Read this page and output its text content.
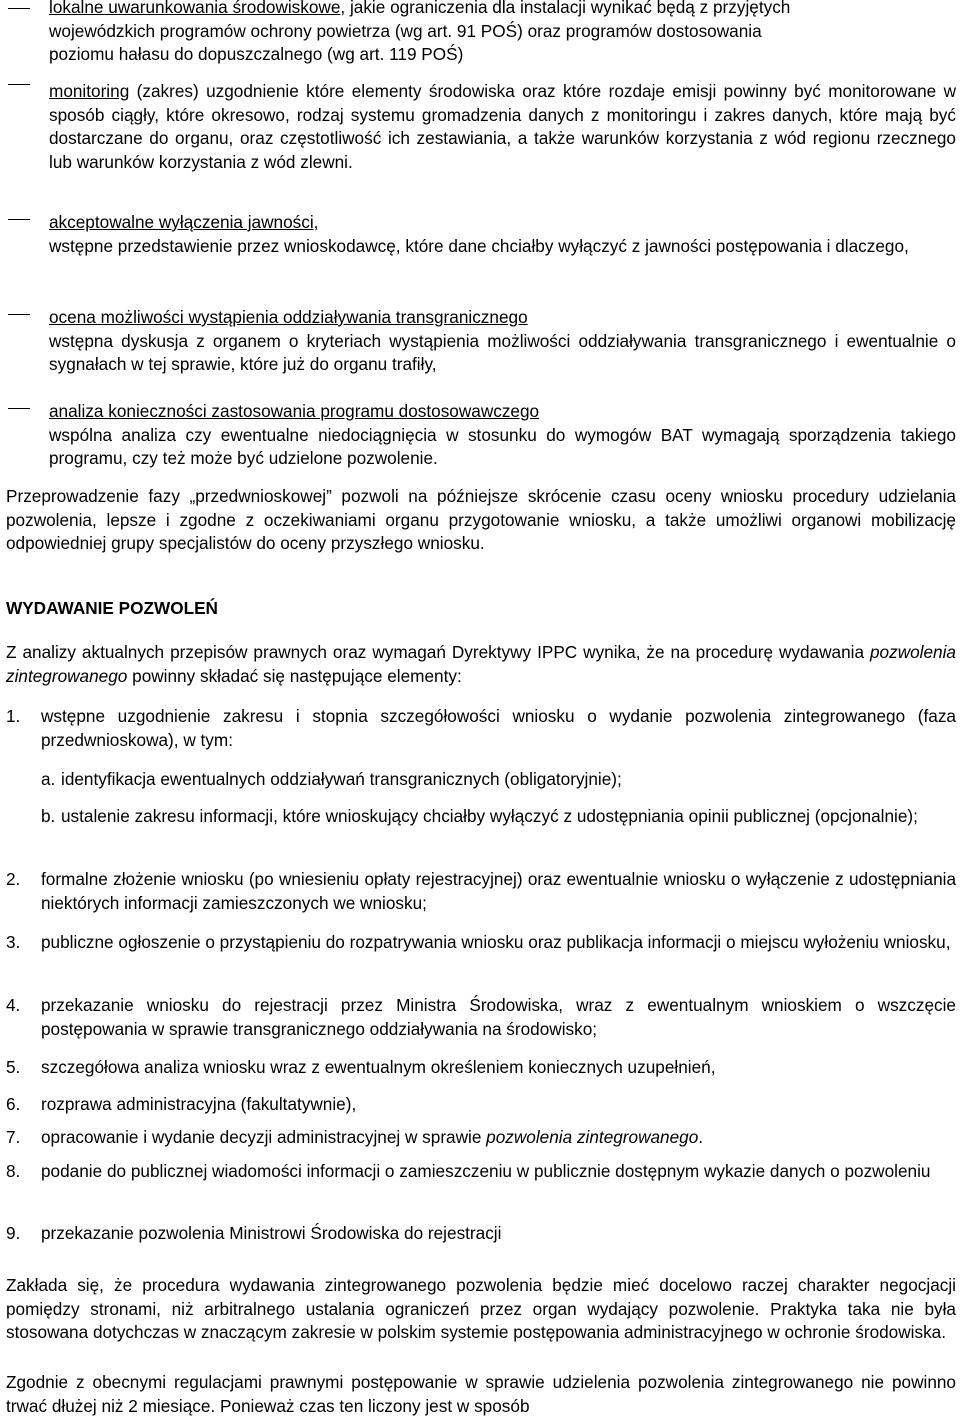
lokalne uwarunkowania środowiskowe, jakie ograniczenia dla instalacji wynikać będą z przyjętych
wojewódzkich programów ochrony powietrza (wg art. 91 POŚ) oraz programów dostosowania
poziomu hałasu do dopuszczalnego (wg art. 119 POŚ)
monitoring (zakres) uzgodnienie które elementy środowiska oraz które rozdaje emisji powinny być monitorowane w sposób ciągły, które okresowo, rodzaj systemu gromadzenia danych z monitoringu i zakres danych, które mają być dostarczane do organu, oraz częstotliwość ich zestawiania, a także warunków korzystania z wód regionu rzecznego lub warunków korzystania z wód zlewni.
akceptowalne wyłączenia jawności,
wstępne przedstawienie przez wnioskodawcę, które dane chciałby wyłączyć z jawności postępowania i dlaczego,
ocena możliwości wystąpienia oddziaływania transgranicznego
wstępna dyskusja z organem o kryteriach wystąpienia możliwości oddziaływania transgranicznego i ewentualnie o sygnałach w tej sprawie, które już do organu trafiły,
analiza konieczności zastosowania programu dostosowawczego
wspólna analiza czy ewentualne niedociągnięcia w stosunku do wymogów BAT wymagają sporządzenia takiego programu, czy też może być udzielone pozwolenie.
Przeprowadzenie fazy „przedwnioskowej” pozwoli na późniejsze skrócenie czasu oceny wniosku procedury udzielania pozwolenia, lepsze i zgodne z oczekiwaniami organu przygotowanie wniosku, a także umożliwi organowi mobilizację odpowiedniej grupy specjalistów do oceny przyszłego wniosku.
WYDAWANIE POZWOLEŃ
Z analizy aktualnych przepisów prawnych oraz wymagań Dyrektywy IPPC wynika, że na procedurę wydawania pozwolenia zintegrowanego powinny składać się następujące elementy:
1. wstępne uzgodnienie zakresu i stopnia szczegółowości wniosku o wydanie pozwolenia zintegrowanego (faza przedwnioskowa), w tym:
a. identyfikacja ewentualnych oddziaływań transgranicznych (obligatoryjnie);
b. ustalenie zakresu informacji, które wnioskujący chciałby wyłączyć z udostępniania opinii publicznej (opcjonalnie);
2. formalne złożenie wniosku (po wniesieniu opłaty rejestracyjnej) oraz ewentualnie wniosku o wyłączenie z udostępniania niektórych informacji zamieszczonych we wniosku;
3. publiczne ogłoszenie o przystąpieniu do rozpatrywania wniosku oraz publikacja informacji o miejscu wyłożeniu wniosku,
4. przekazanie wniosku do rejestracji przez Ministra Środowiska, wraz z ewentualnym wnioskiem o wszczęcie postępowania w sprawie transgranicznego oddziaływania na środowisko;
5. szczegółowa analiza wniosku wraz z ewentualnym określeniem koniecznych uzupełnień,
6. rozprawa administracyjna (fakultatywnie),
7. opracowanie i wydanie decyzji administracyjnej w sprawie pozwolenia zintegrowanego.
8. podanie do publicznej wiadomości informacji o zamieszczeniu w publicznie dostępnym wykazie danych o pozwoleniu
9. przekazanie pozwolenia Ministrowi Środowiska do rejestracji
Zakłada się, że procedura wydawania zintegrowanego pozwolenia będzie mieć docelowo raczej charakter negocjacji pomiędzy stronami, niż arbitralnego ustalania ograniczeń przez organ wydający pozwolenie. Praktyka taka nie była stosowana dotychczas w znaczącym zakresie w polskim systemie postępowania administracyjnego w ochronie środowiska.
Zgodnie z obecnymi regulacjami prawnymi postępowanie w sprawie udzielenia pozwolenia zintegrowanego nie powinno trwać dłużej niż 2 miesiące. Ponieważ czas ten liczony jest w sposób
